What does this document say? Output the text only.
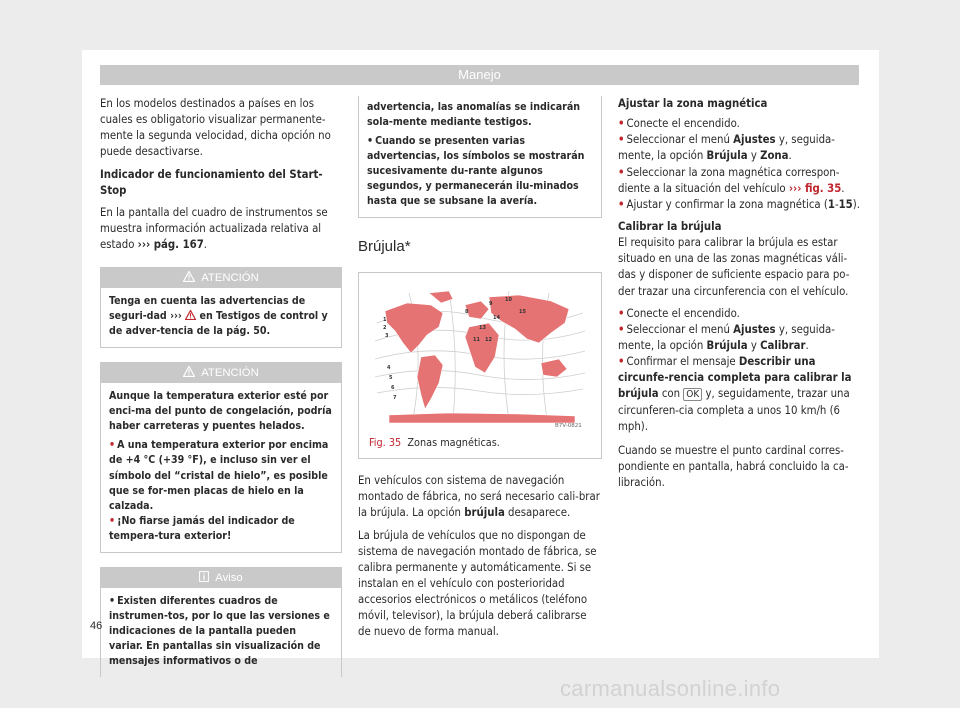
Manejo

En los modelos destinados a países en los cuales es obligatorio visualizar permanente-mente la segunda velocidad, dicha opción no puede desactivarse.

Indicador de funcionamiento del Start-Stop

En la pantalla del cuadro de instrumentos se muestra información actualizada relativa al estado ››› pág. 167.

ATENCIÓN
Tenga en cuenta las advertencias de seguri-dad ›››  en Testigos de control y de adver-tencia de la pág. 50.
ATENCIÓN
Aunque la temperatura exterior esté por enci-ma del punto de congelación, podría haber carreteras y puentes helados.
• A una temperatura exterior por encima de +4 °C (+39 °F), e incluso sin ver el símbolo del “cristal de hielo”, es posible que se for-men placas de hielo en la calzada.
• ¡No fiarse jamás del indicador de tempera-tura exterior!
Aviso
• Existen diferentes cuadros de instrumen-tos, por lo que las versiones e indicaciones de la pantalla pueden variar. En pantallas sin visualización de mensajes informativos o de
advertencia, las anomalías se indicarán sola-mente mediante testigos.
• Cuando se presenten varias advertencias, los símbolos se mostrarán sucesivamente du-rante algunos segundos, y permanecerán ilu-minados hasta que se subsane la avería.
Brújula*
1
2
3
4
5
6
7
8
9
10
11 12
13
14
15
B7V-0821
Fig. 35 Zonas magnéticas.

En vehículos con sistema de navegación montado de fábrica, no será necesario cali-brar la brújula. La opción brújula desaparece.

La brújula de vehículos que no dispongan de sistema de navegación montado de fábrica, se calibra permanente y automáticamente. Si se instalan en el vehículo con posterioridad accesorios electrónicos o metálicos (teléfono móvil, televisor), la brújula deberá calibrarse de nuevo de forma manual.

Ajustar la zona magnética

• Conecte el encendido.
• Seleccionar el menú Ajustes y, seguida-mente, la opción Brújula y Zona.
• Seleccionar la zona magnética correspon-diente a la situación del vehículo ››› fig. 35.
• Ajustar y confirmar la zona magnética (1-15).

Calibrar la brújula

El requisito para calibrar la brújula es estar situado en una de las zonas magnéticas váli-das y disponer de suficiente espacio para po-der trazar una circunferencia con el vehículo.

• Conecte el encendido.
• Seleccionar el menú Ajustes y, seguida-mente, la opción Brújula y Calibrar.
• Confirmar el mensaje Describir una circunfe-rencia completa para calibrar la brújula con OK y, seguidamente, trazar una circunferen-cia completa a unos 10 km/h (6 mph).

Cuando se muestre el punto cardinal corres-pondiente en pantalla, habrá concluido la ca-libración.

46
carmanualsonline.info
